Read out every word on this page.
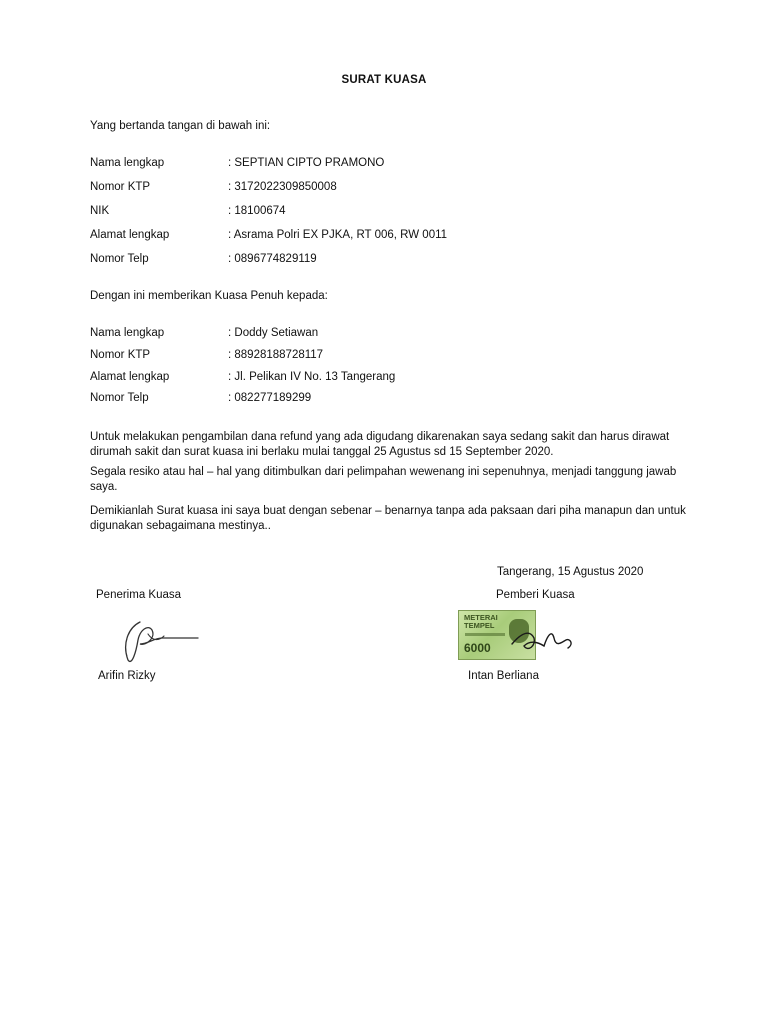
SURAT KUASA
Yang bertanda tangan di bawah ini:
Nama lengkap	: SEPTIAN CIPTO PRAMONO
Nomor KTP	: 3172022309850008
NIK	: 18100674
Alamat lengkap	: Asrama Polri EX PJKA, RT 006, RW 0011
Nomor Telp	: 0896774829119
Dengan ini memberikan Kuasa Penuh kepada:
Nama lengkap	: Doddy Setiawan
Nomor KTP	: 88928188728117
Alamat lengkap	: Jl. Pelikan IV No. 13 Tangerang
Nomor Telp	: 082277189299
Untuk melakukan pengambilan dana refund yang ada digudang dikarenakan saya sedang sakit dan harus dirawat dirumah sakit dan surat kuasa ini berlaku mulai tanggal 25 Agustus sd 15 September 2020.
Segala resiko atau hal – hal yang ditimbulkan dari pelimpahan wewenang ini sepenuhnya, menjadi tanggung jawab saya.
Demikianlah Surat kuasa ini saya buat dengan sebenar – benarnya tanpa ada paksaan dari piha manapun dan untuk digunakan sebagaimana mestinya..
Tangerang, 15 Agustus 2020
Penerima Kuasa	Pemberi Kuasa
METERAI TEMPEL
6000
Arifin Rizky	Intan Berliana
